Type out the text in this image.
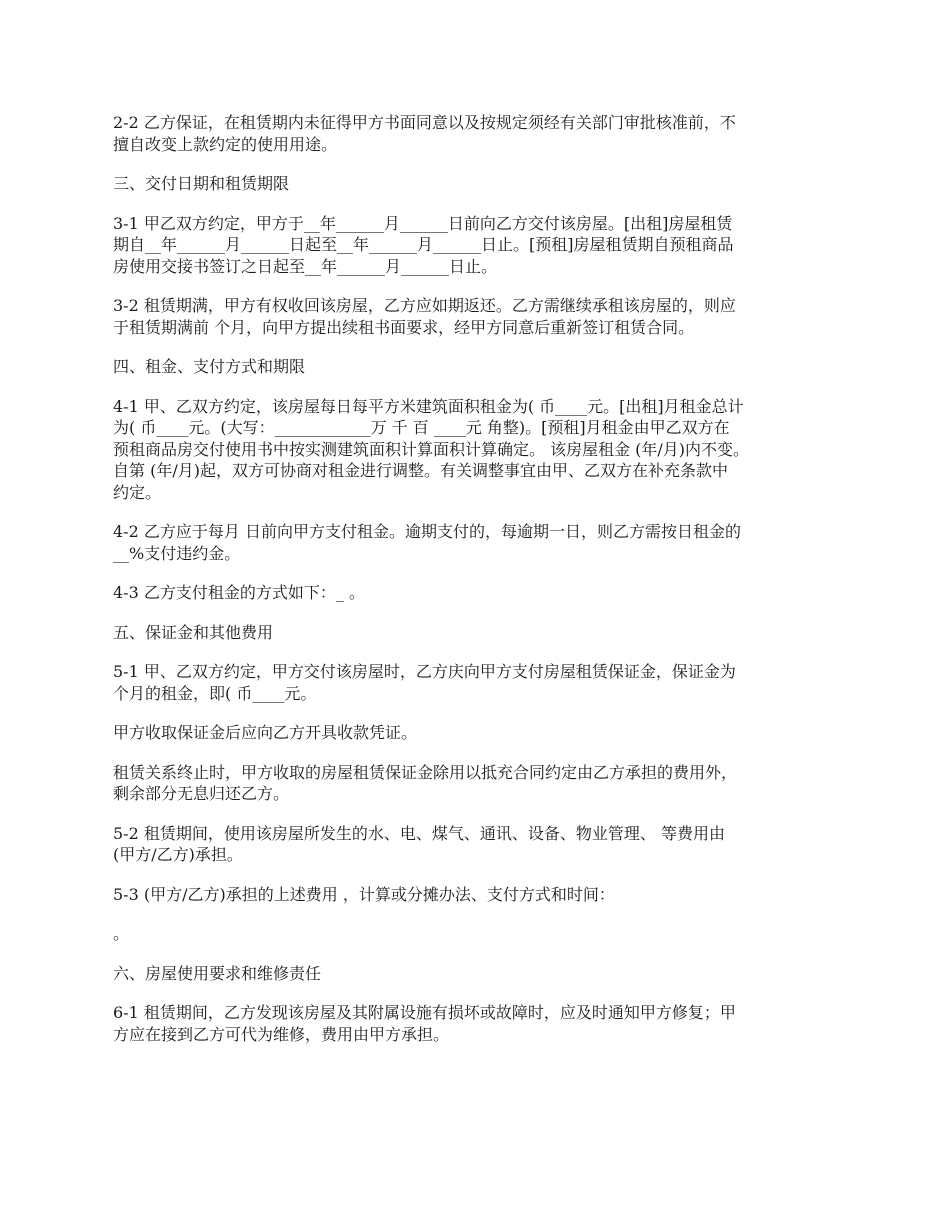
2-2 乙方保证，在租赁期内未征得甲方书面同意以及按规定须经有关部门审批核准前，不
擅自改变上款约定的使用用途。

三、交付日期和租赁期限

3-1 甲乙双方约定，甲方于__年______月______日前向乙方交付该房屋。[出租]房屋租赁
期自__年______月______日起至__年______月______日止。[预租]房屋租赁期自预租商品
房使用交接书签订之日起至__年______月______日止。

3-2 租赁期满，甲方有权收回该房屋，乙方应如期返还。乙方需继续承租该房屋的，则应
于租赁期满前 个月，向甲方提出续租书面要求，经甲方同意后重新签订租赁合同。

四、租金、支付方式和期限

4-1 甲、乙双方约定，该房屋每日每平方米建筑面积租金为( 币____元。[出租]月租金总计
为( 币____元。(大写：____________万 千 百 ____元 角整)。[预租]月租金由甲乙双方在
预租商品房交付使用书中按实测建筑面积计算面积计算确定。 该房屋租金 (年/月)内不变。
自第 (年/月)起，双方可协商对租金进行调整。有关调整事宜由甲、乙双方在补充条款中
约定。

4-2 乙方应于每月 日前向甲方支付租金。逾期支付的，每逾期一日，则乙方需按日租金的
__%支付违约金。

4-3 乙方支付租金的方式如下：_ 。

五、保证金和其他费用

5-1 甲、乙双方约定，甲方交付该房屋时，乙方庆向甲方支付房屋租赁保证金，保证金为
个月的租金，即( 币____元。

甲方收取保证金后应向乙方开具收款凭证。

租赁关系终止时，甲方收取的房屋租赁保证金除用以抵充合同约定由乙方承担的费用外，
剩余部分无息归还乙方。

5-2 租赁期间，使用该房屋所发生的水、电、煤气、通讯、设备、物业管理、 等费用由
(甲方/乙方)承担。

5-3 (甲方/乙方)承担的上述费用 ，计算或分摊办法、支付方式和时间：

。

六、房屋使用要求和维修责任

6-1 租赁期间，乙方发现该房屋及其附属设施有损坏或故障时，应及时通知甲方修复；甲
方应在接到乙方可代为维修，费用由甲方承担。
